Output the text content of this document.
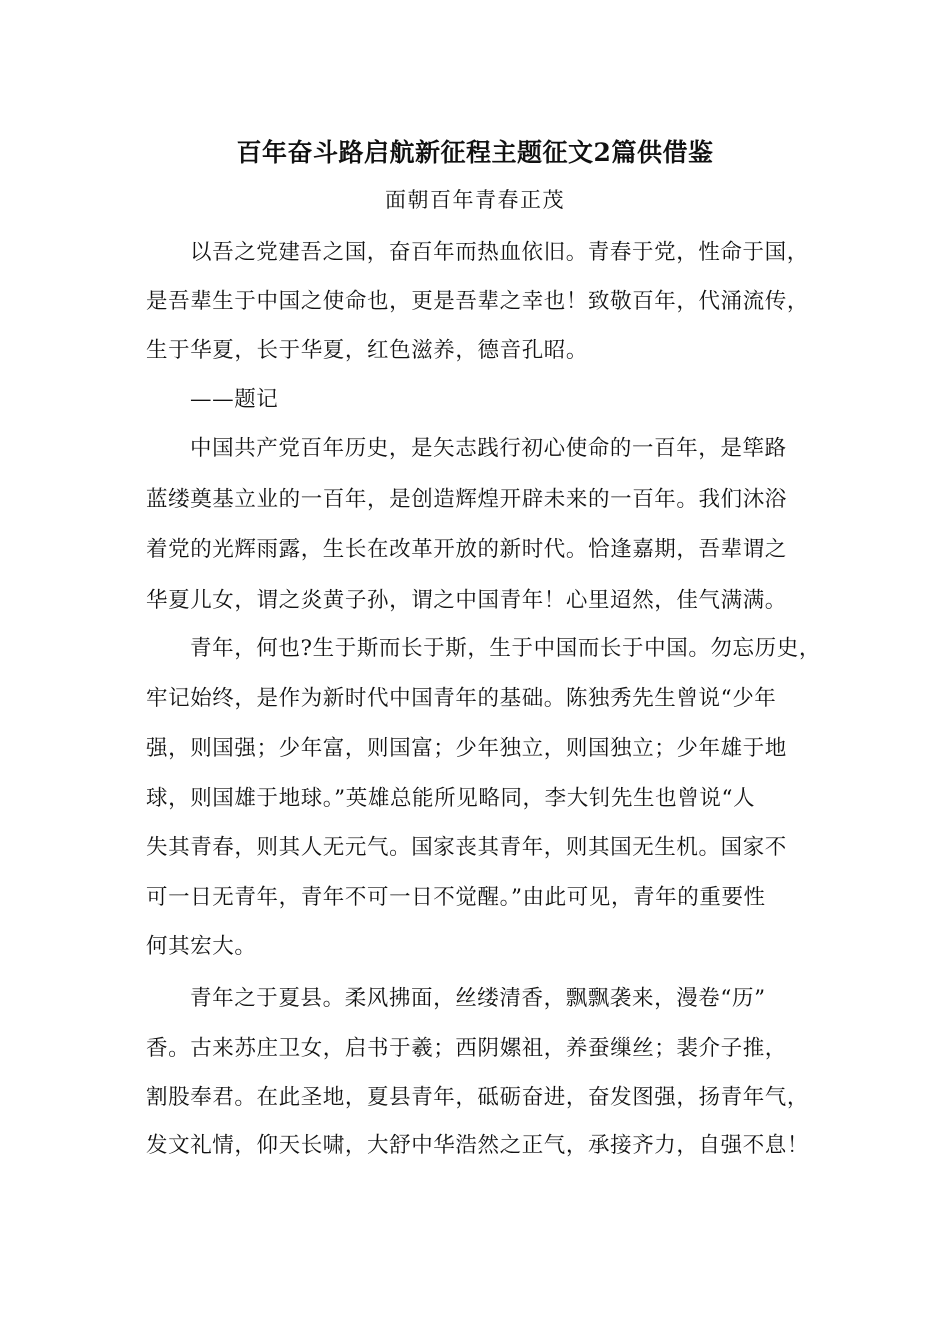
百年奋斗路启航新征程主题征文2篇供借鉴
面朝百年青春正茂
以吾之党建吾之国，奋百年而热血依旧。青春于党，性命于国，
是吾辈生于中国之使命也，更是吾辈之幸也！致敬百年，代涌流传，
生于华夏，长于华夏，红色滋养，德音孔昭。
——题记
中国共产党百年历史，是矢志践行初心使命的一百年，是筚路
蓝缕奠基立业的一百年，是创造辉煌开辟未来的一百年。我们沐浴
着党的光辉雨露，生长在改革开放的新时代。恰逢嘉期，吾辈谓之
华夏儿女，谓之炎黄子孙，谓之中国青年！心里迢然，佳气满满。
青年，何也?生于斯而长于斯，生于中国而长于中国。勿忘历史，
牢记始终，是作为新时代中国青年的基础。陈独秀先生曾说“少年
强，则国强；少年富，则国富；少年独立，则国独立；少年雄于地
球，则国雄于地球。”英雄总能所见略同，李大钊先生也曾说“人
失其青春，则其人无元气。国家丧其青年，则其国无生机。国家不
可一日无青年，青年不可一日不觉醒。”由此可见，青年的重要性
何其宏大。
青年之于夏县。柔风拂面，丝缕清香，飘飘袭来，漫卷“历”
香。古来苏庄卫女，启书于羲；西阴嫘祖，养蚕缫丝；裴介子推，
割股奉君。在此圣地，夏县青年，砥砺奋进，奋发图强，扬青年气，
发文礼情，仰天长啸，大舒中华浩然之正气，承接齐力，自强不息！
